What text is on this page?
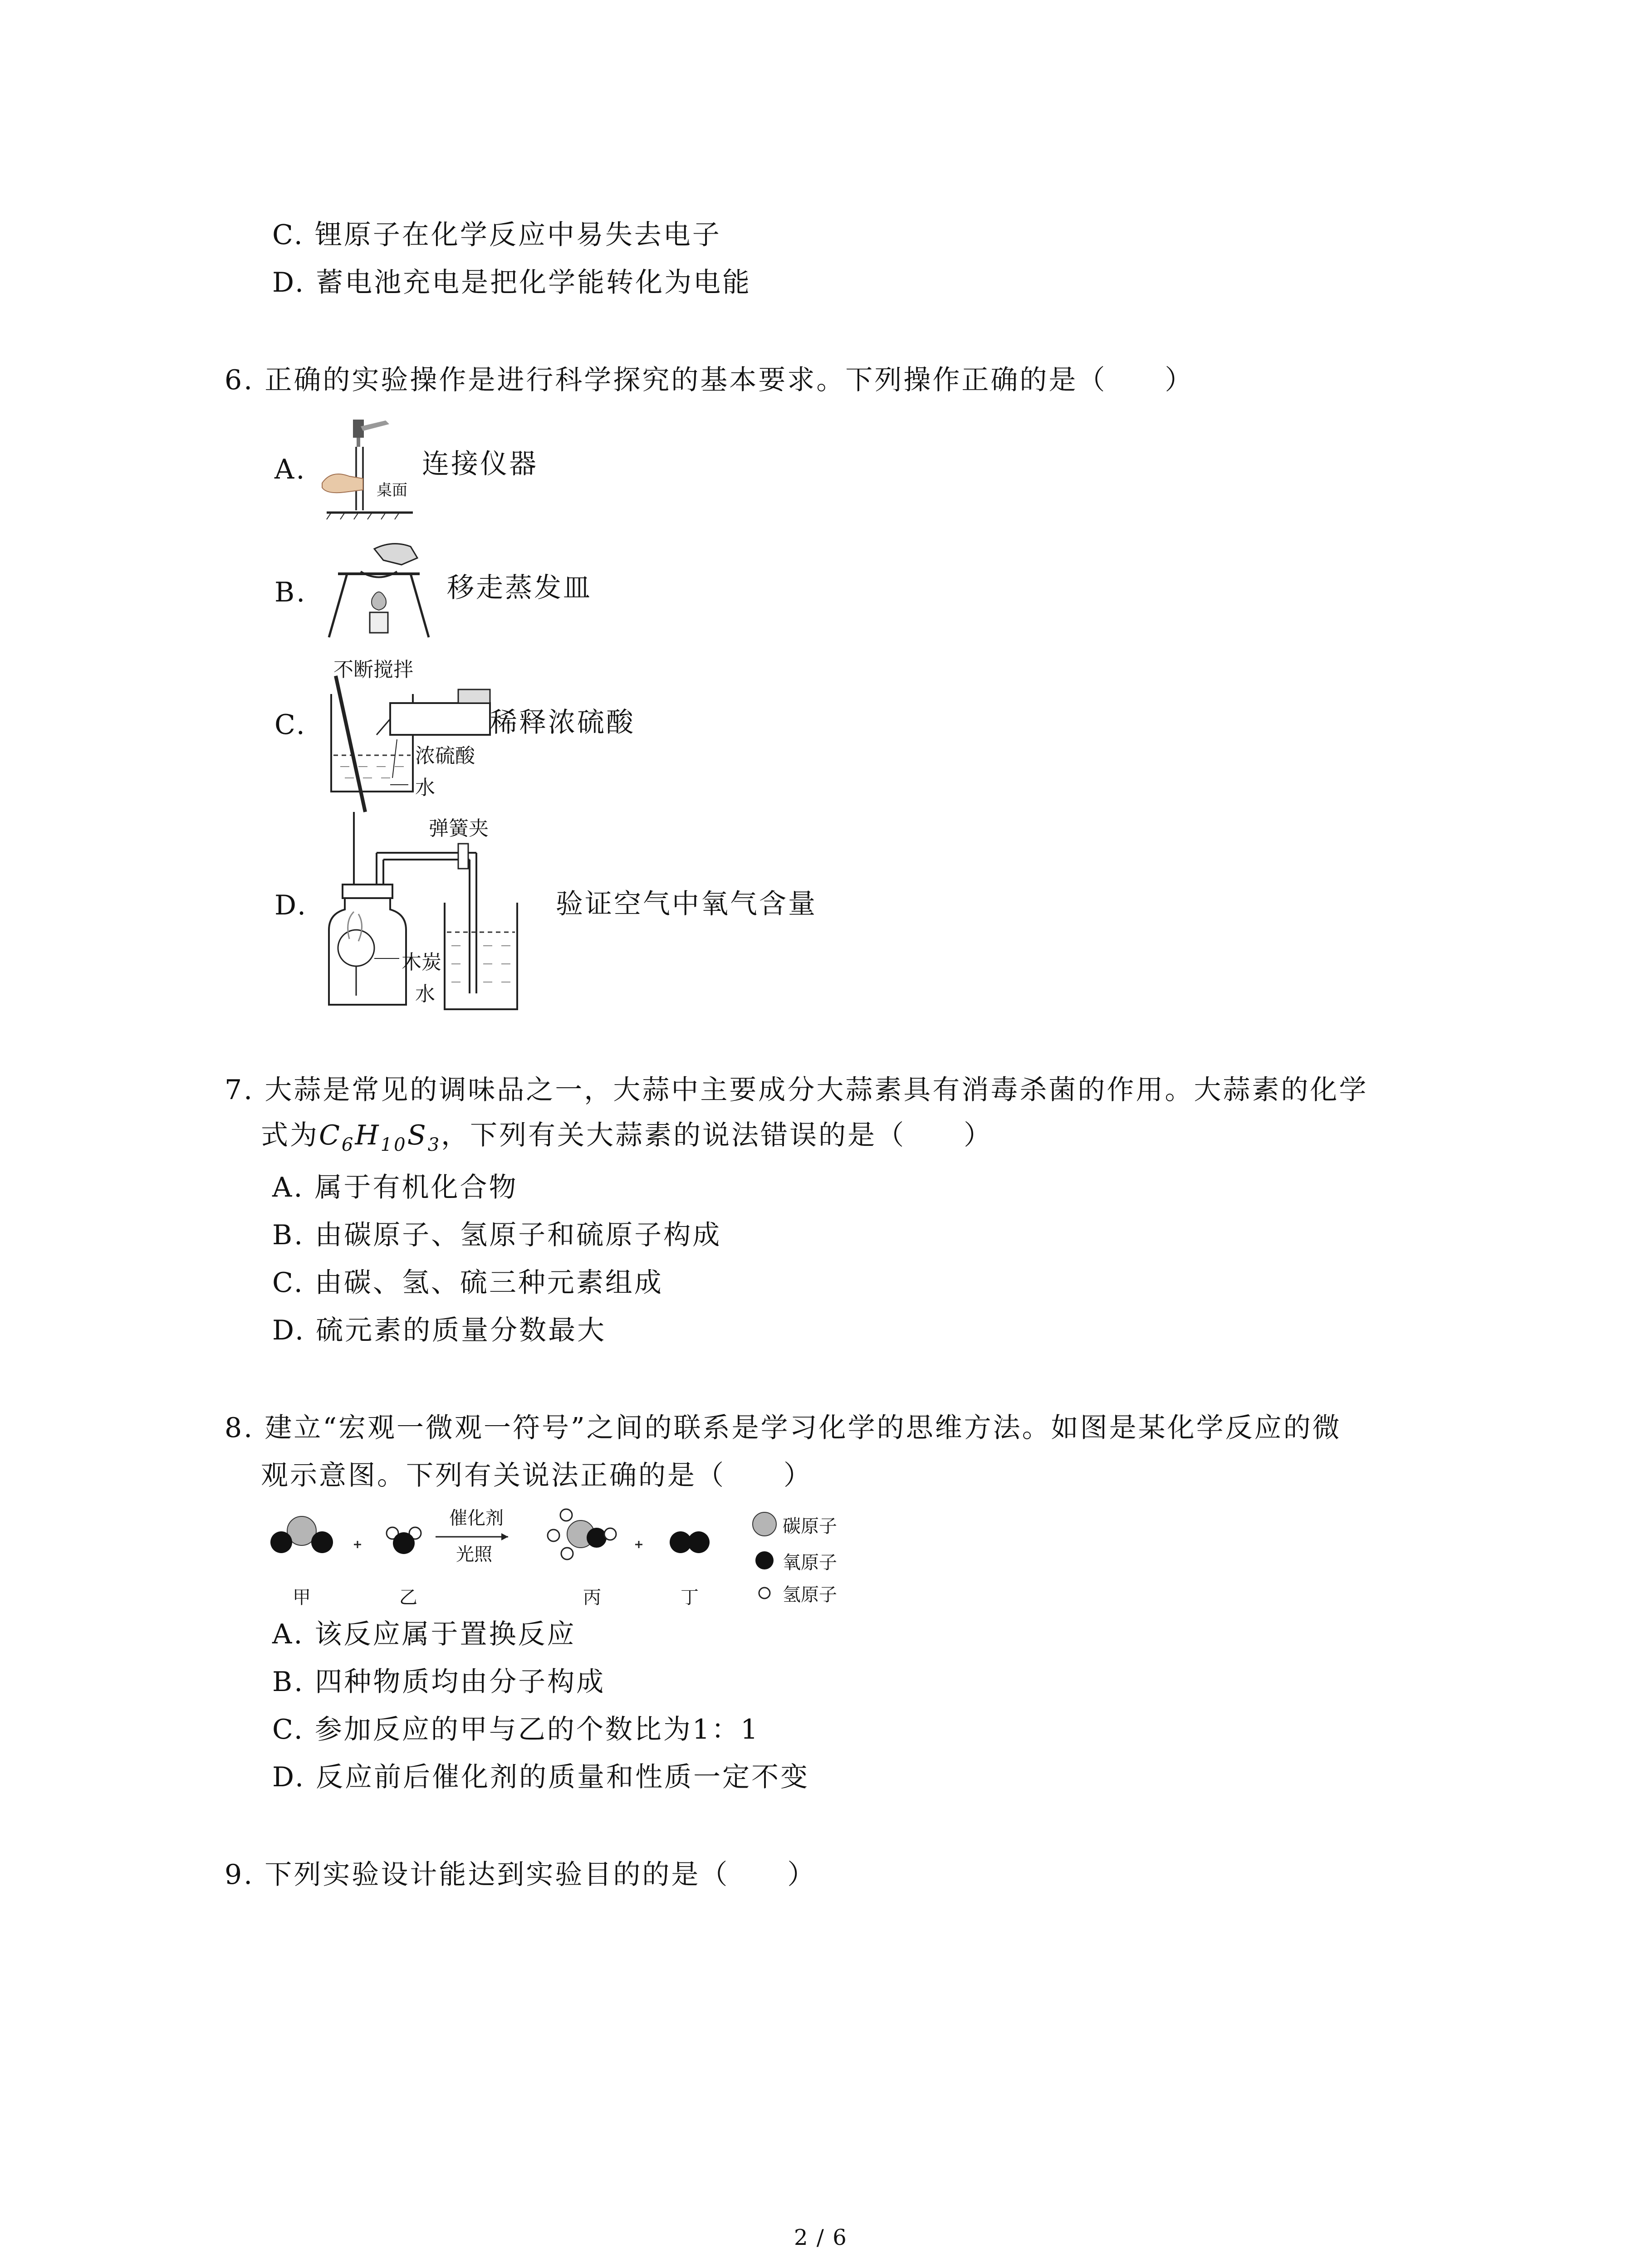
C. 锂原子在化学反应中易失去电子
D. 蓄电池充电是把化学能转化为电能
6. 正确的实验操作是进行科学探究的基本要求。下列操作正确的是（　　）
A.
桌面
连接仪器
B.	移走蒸发皿
不断搅拌
C.
浓硫酸
水
稀释浓硫酸
弹簧夹
D.
木炭
水
验证空气中氧气含量
7. 大蒜是常见的调味品之一，大蒜中主要成分大蒜素具有消毒杀菌的作用。大蒜素的化学
式为$C_6H_{10}S_3$，下列有关大蒜素的说法错误的是（　　）
A. 属于有机化合物
B. 由碳原子、氢原子和硫原子构成
C. 由碳、氢、硫三种元素组成
D. 硫元素的质量分数最大
8. 建立“宏观一微观一符号”之间的联系是学习化学的思维方法。如图是某化学反应的微
观示意图。下列有关说法正确的是（　　）
催化剂
光照
碳原子
氧原子
氢原子
甲	乙	丙	丁
A. 该反应属于置换反应
B. 四种物质均由分子构成
C. 参加反应的甲与乙的个数比为1：1
D. 反应前后催化剂的质量和性质一定不变
9. 下列实验设计能达到实验目的的是（　　）
2 / 6
